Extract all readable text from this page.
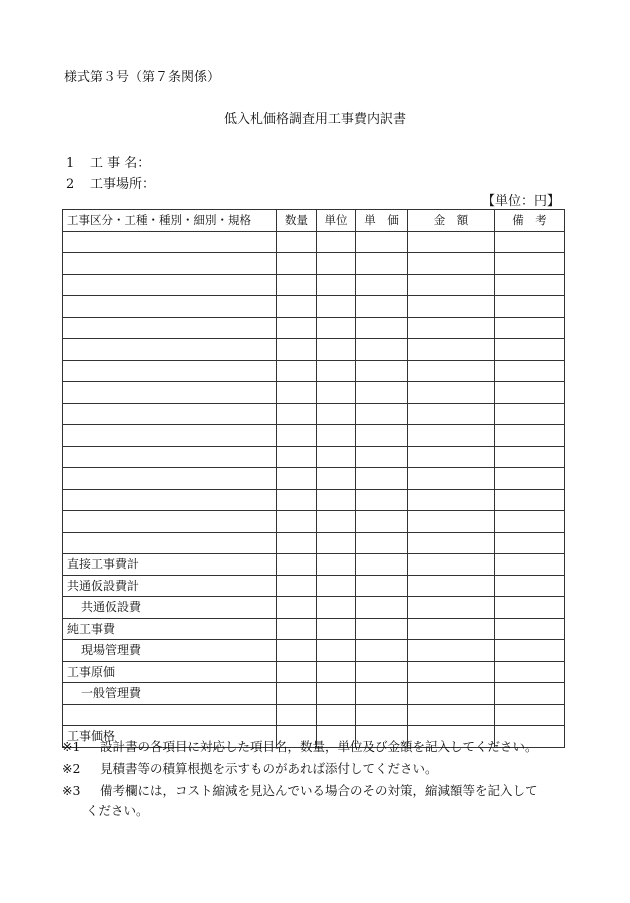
様式第３号（第７条関係）
低入札価格調査用工事費内訳書
1 工 事 名：
2 工事場所：
【単位：円】
工事区分・工種・種別・細別・規格	数量	単位	単　価	金　額	備　考

直接工事費計					
共通仮設費計					
共通仮設費					
純工事費					
現場管理費					
工事原価					
一般管理費					

工事価格					
※1 設計書の各項目に対応した項目名，数量，単位及び金額を記入してください。
※2 見積書等の積算根拠を示すものがあれば添付してください。
※3 備考欄には，コスト縮減を見込んでいる場合のその対策，縮減額等を記入して
ください。
